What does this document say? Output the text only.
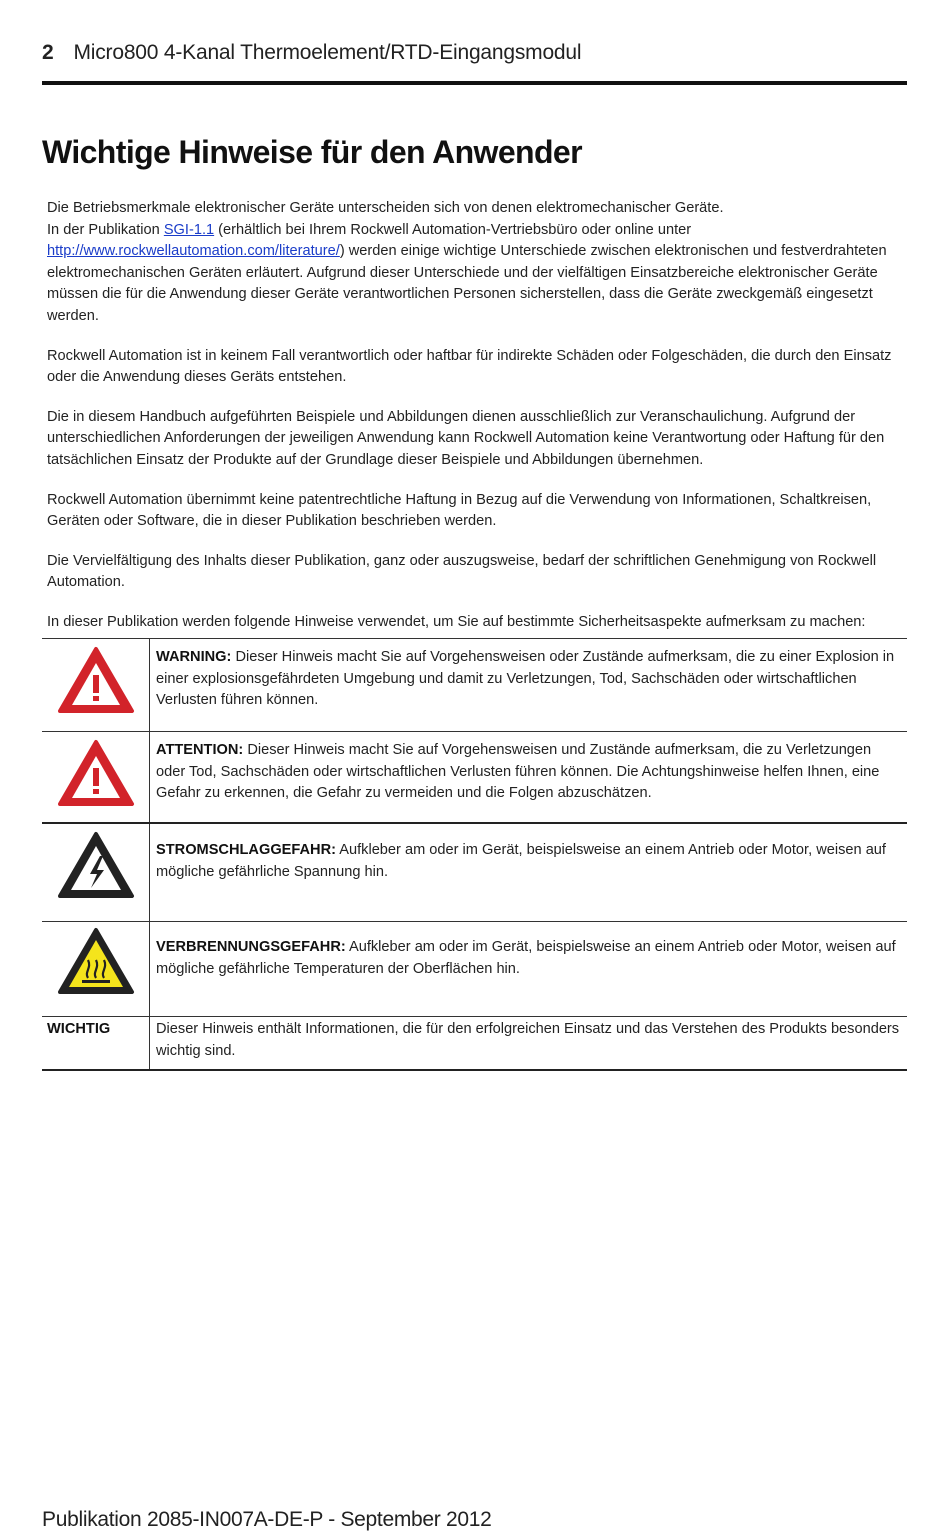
2 Micro800 4-Kanal Thermoelement/RTD-Eingangsmodul
Wichtige Hinweise für den Anwender

Die Betriebsmerkmale elektronischer Geräte unterscheiden sich von denen elektromechanischer Geräte.
In der Publikation SGI-1.1 (erhältlich bei Ihrem Rockwell Automation-Vertriebsbüro oder online unter
http://www.rockwellautomation.com/literature/) werden einige wichtige Unterschiede zwischen elektronischen und festverdrahteten elektromechanischen Geräten erläutert. Aufgrund dieser Unterschiede und der vielfältigen Einsatzbereiche elektronischer Geräte müssen die für die Anwendung dieser Geräte verantwortlichen Personen sicherstellen, dass die Geräte zweckgemäß eingesetzt werden.

Rockwell Automation ist in keinem Fall verantwortlich oder haftbar für indirekte Schäden oder Folgeschäden, die durch den Einsatz oder die Anwendung dieses Geräts entstehen.

Die in diesem Handbuch aufgeführten Beispiele und Abbildungen dienen ausschließlich zur Veranschaulichung. Aufgrund der unterschiedlichen Anforderungen der jeweiligen Anwendung kann Rockwell Automation keine Verantwortung oder Haftung für den tatsächlichen Einsatz der Produkte auf der Grundlage dieser Beispiele und Abbildungen übernehmen.

Rockwell Automation übernimmt keine patentrechtliche Haftung in Bezug auf die Verwendung von Informationen, Schaltkreisen, Geräten oder Software, die in dieser Publikation beschrieben werden.

Die Vervielfältigung des Inhalts dieser Publikation, ganz oder auszugsweise, bedarf der schriftlichen Genehmigung von Rockwell Automation.

In dieser Publikation werden folgende Hinweise verwendet, um Sie auf bestimmte Sicherheitsaspekte aufmerksam zu machen:

	WARNING: Dieser Hinweis macht Sie auf Vorgehensweisen oder Zustände aufmerksam, die zu einer Explosion in einer explosionsgefährdeten Umgebung und damit zu Verletzungen, Tod, Sachschäden oder wirtschaftlichen Verlusten führen können.
	ATTENTION: Dieser Hinweis macht Sie auf Vorgehensweisen und Zustände aufmerksam, die zu Verletzungen oder Tod, Sachschäden oder wirtschaftlichen Verlusten führen können. Die Achtungshinweise helfen Ihnen, eine Gefahr zu erkennen, die Gefahr zu vermeiden und die Folgen abzuschätzen.
	STROMSCHLAGGEFAHR: Aufkleber am oder im Gerät, beispielsweise an einem Antrieb oder Motor, weisen auf mögliche gefährliche Spannung hin.
	VERBRENNUNGSGEFAHR: Aufkleber am oder im Gerät, beispielsweise an einem Antrieb oder Motor, weisen auf mögliche gefährliche Temperaturen der Oberflächen hin.
WICHTIG	Dieser Hinweis enthält Informationen, die für den erfolgreichen Einsatz und das Verstehen des Produkts besonders wichtig sind.
Publikation 2085-IN007A-DE-P - September 2012
